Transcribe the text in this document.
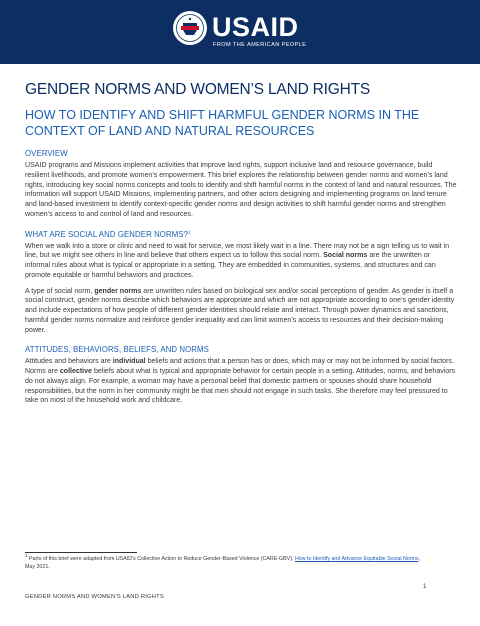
USAID
FROM THE AMERICAN PEOPLE
GENDER NORMS AND WOMEN’S LAND RIGHTS
HOW TO IDENTIFY AND SHIFT HARMFUL GENDER NORMS IN THE CONTEXT OF LAND AND NATURAL RESOURCES
OVERVIEW

USAID programs and Missions implement activities that improve land rights, support inclusive land and resource governance, build resilient livelihoods, and promote women’s empowerment. This brief explores the relationship between gender norms and women’s land rights, introducing key social norms concepts and tools to identify and shift harmful norms in the context of land and natural resources. The information will support USAID Missions, implementing partners, and other actors designing and implementing programs on land tenure and land-based investment to identify context-specific gender norms and design activities to shift harmful gender norms and strengthen women’s access to and control of land and resources.

WHAT ARE SOCIAL AND GENDER NORMS?$^1$

When we walk into a store or clinic and need to wait for service, we most likely wait in a line. There may not be a sign telling us to wait in line, but we might see others in line and believe that others expect us to follow this social norm. Social norms are the unwritten or informal rules about what is typical or appropriate in a setting. They are embedded in communities, systems, and structures and can promote equitable or harmful behaviors and practices.

A type of social norm, gender norms are unwritten rules based on biological sex and/or social perceptions of gender. As gender is itself a social construct, gender norms describe which behaviors are appropriate and which are not appropriate according to one’s gender identity and include expectations of how people of different gender identities should relate and interact. Through power dynamics and sanctions, harmful gender norms normalize and reinforce gender inequality and can limit women’s access to resources and their decision-making power.

ATTITUDES, BEHAVIORS, BELIEFS, AND NORMS

Attitudes and behaviors are individual beliefs and actions that a person has or does, which may or may not be informed by social factors. Norms are collective beliefs about what is typical and appropriate behavior for certain people in a setting. Attitudes, norms, and behaviors do not always align. For example, a woman may have a personal belief that domestic partners or spouses should share household responsibilities, but the norm in her community might be that men should not engage in such tasks. She therefore may feel pressured to take on most of the household work and childcare.

$^1$ Parts of this brief were adapted from USAID’s Collective Action to Reduce Gender-Based Violence (CARE-GBV), How to Identify and Advance Equitable Social Norms, May 2021.
1
GENDER NORMS AND WOMEN’S LAND RIGHTS
